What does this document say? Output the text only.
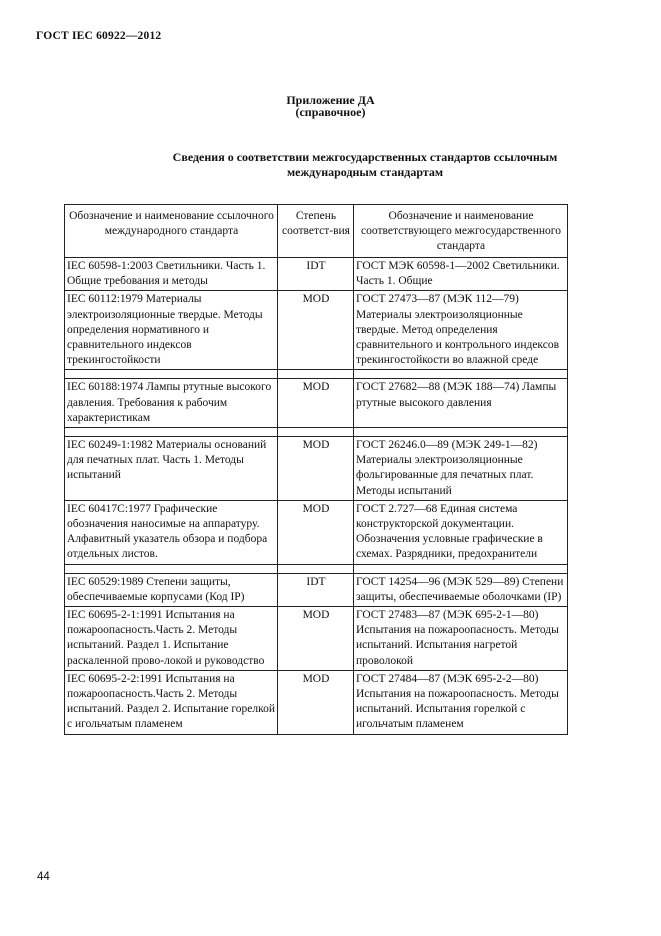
ГОСТ IEC 60922—2012
Приложение ДА
(справочное)
Сведения о соответствии межгосударственных стандартов ссылочным
международным стандартам
Обозначение и наименование ссылочного международного стандарта	Степень соответст-вия	Обозначение и наименование соответствующего межгосударственного стандарта
IEC 60598-1:2003 Светильники. Часть 1. Общие требования и методы	IDT	ГОСТ МЭК 60598-1—2002 Светильники. Часть 1. Общие
IEC 60112:1979 Материалы электроизоляционные твердые. Методы определения нормативного и сравнительного индексов трекингостойкости	MOD	ГОСТ 27473—87 (МЭК 112—79) Материалы электроизоляционные твердые. Метод определения сравнительного и контрольного индексов трекингостойкости во влажной среде

IEC 60188:1974 Лампы ртутные высокого давления. Требования к рабочим характеристикам	MOD	ГОСТ 27682—88 (МЭК 188—74) Лампы ртутные высокого давления

IEC 60249-1:1982 Материалы оснований для печатных плат. Часть 1. Методы испытаний	MOD	ГОСТ 26246.0—89 (МЭК 249-1—82) Материалы электроизоляционные фольгированные для печатных плат. Методы испытаний
IEC 60417C:1977 Графические обозначения наносимые на аппаратуру. Алфавитный указатель обзора и подбора отдельных листов.	MOD	ГОСТ 2.727—68 Единая система конструкторской документации. Обозначения условные графические в схемах. Разрядники, предохранители

IEC 60529:1989 Степени защиты, обеспечиваемые корпусами (Код IP)	IDT	ГОСТ 14254—96 (МЭК 529—89) Степени защиты, обеспечиваемые оболочками (IP)
IEC 60695-2-1:1991 Испытания на пожароопасность.Часть 2. Методы испытаний. Раздел 1. Испытание раскаленной прово-локой и руководство	MOD	ГОСТ 27483—87 (МЭК 695-2-1—80) Испытания на пожароопасность. Методы испытаний. Испытания нагретой проволокой
IEC 60695-2-2:1991 Испытания на пожароопасность.Часть 2. Методы испытаний. Раздел 2. Испытание горелкой с игольчатым пламенем	MOD	ГОСТ 27484—87 (МЭК 695-2-2—80) Испытания на пожароопасность. Методы испытаний. Испытания горелкой с игольчатым пламенем
44
